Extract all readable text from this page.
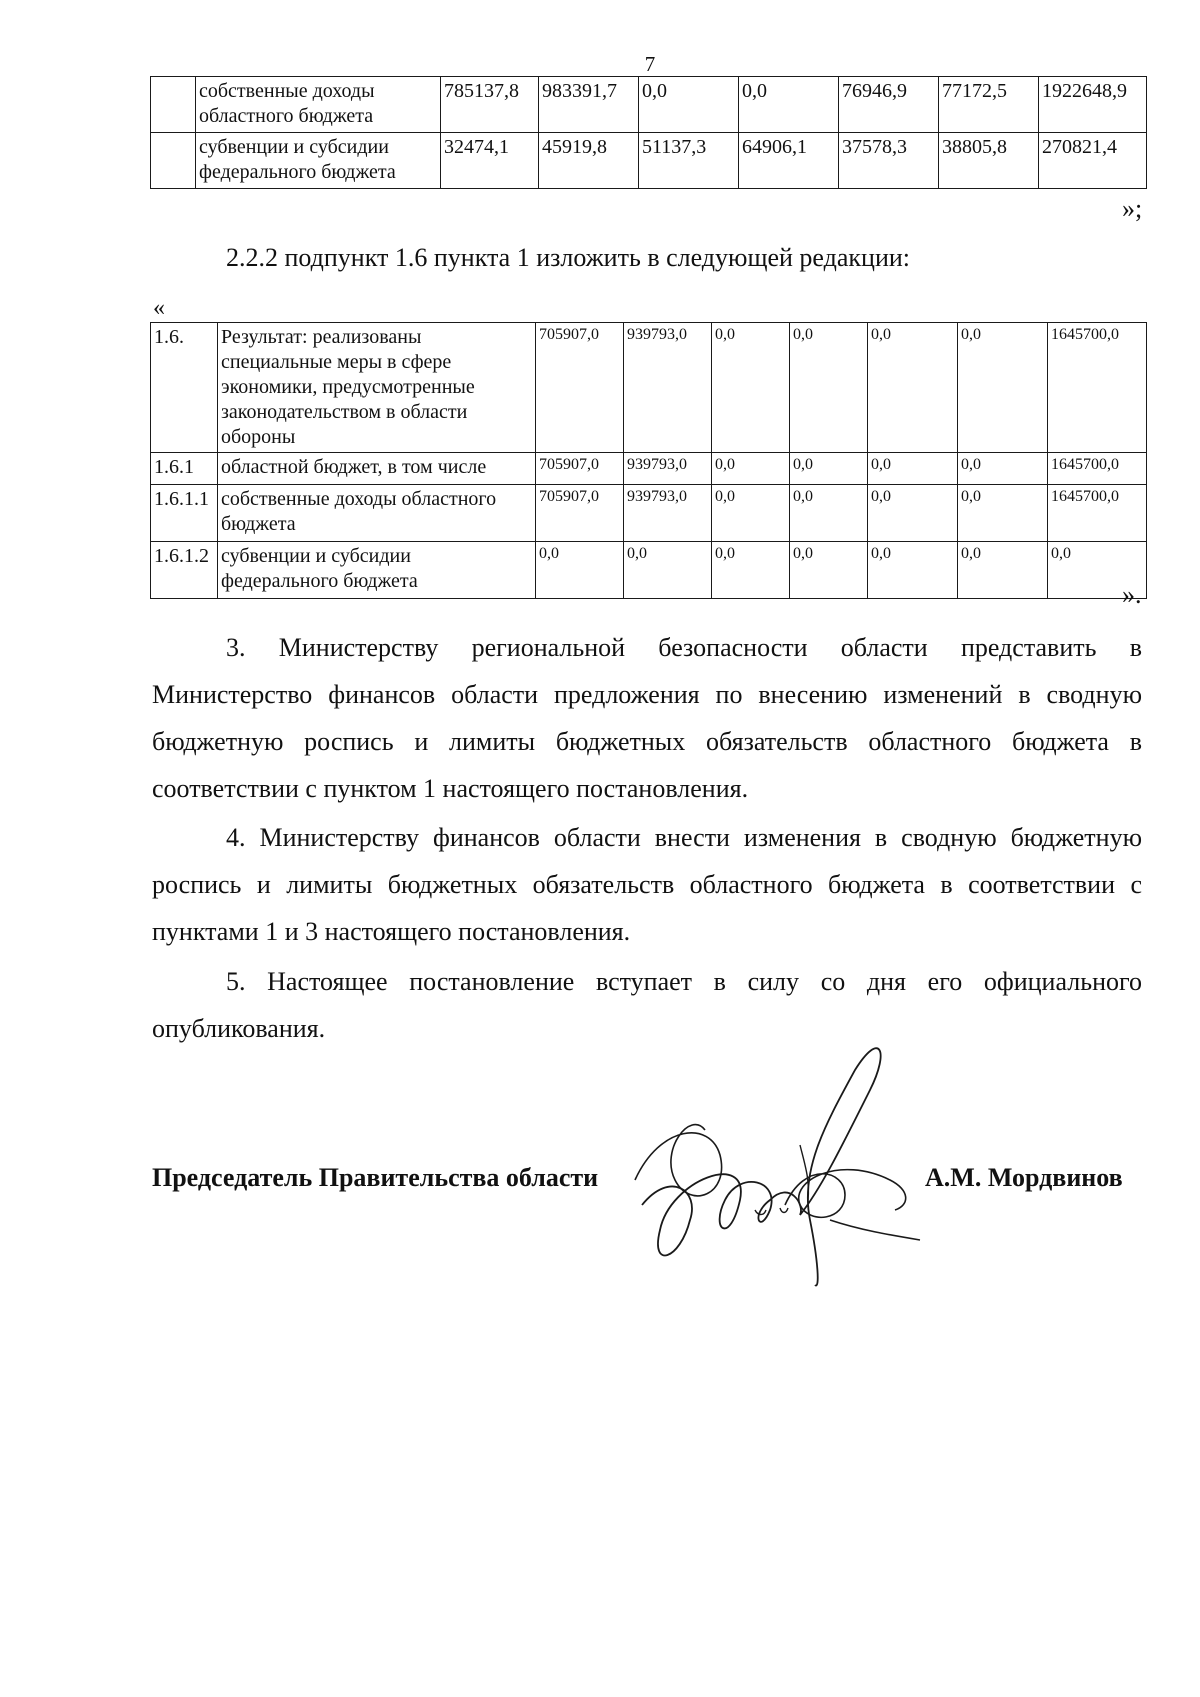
7
	собственные доходы областного бюджета	785137,8	983391,7	0,0	0,0	76946,9	77172,5	1922648,9
	субвенции и субсидии федерального бюджета	32474,1	45919,8	51137,3	64906,1	37578,3	38805,8	270821,4
»;
2.2.2 подпункт 1.6 пункта 1 изложить в следующей редакции:
«
1.6.	Результат: реализованы специальные меры в сфере экономики, предусмотренные законодательством в области обороны	705907,0	939793,0	0,0	0,0	0,0	0,0	1645700,0
1.6.1	областной бюджет, в том числе	705907,0	939793,0	0,0	0,0	0,0	0,0	1645700,0
1.6.1.1	собственные доходы областного бюджета	705907,0	939793,0	0,0	0,0	0,0	0,0	1645700,0
1.6.1.2	субвенции и субсидии федерального бюджета	0,0	0,0	0,0	0,0	0,0	0,0	0,0
».
3. Министерству региональной безопасности области представить в Министерство финансов области предложения по внесению изменений в сводную бюджетную роспись и лимиты бюджетных обязательств областного бюджета в соответствии с пунктом 1 настоящего постановления.
4. Министерству финансов области внести изменения в сводную бюджетную роспись и лимиты бюджетных обязательств областного бюджета в соответствии с пунктами 1 и 3 настоящего постановления.
5. Настоящее постановление вступает в силу со дня его официального опубликования.
Председатель Правительства области	А.М. Мордвинов
